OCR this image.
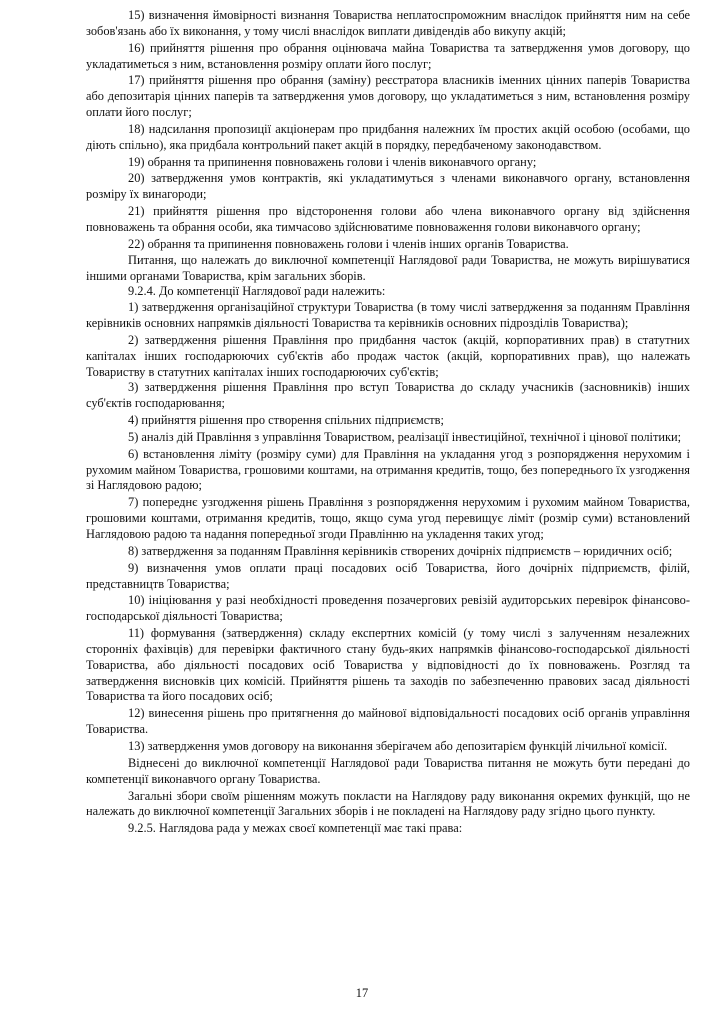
15) визначення ймовірності визнання Товариства неплатоспроможним внаслідок прийняття ним на себе зобов'язань або їх виконання, у тому числі внаслідок виплати дивідендів або викупу акцій;

16) прийняття рішення про обрання оцінювача майна Товариства та затвердження умов договору, що укладатиметься з ним, встановлення розміру оплати його послуг;

17) прийняття рішення про обрання (заміну) реєстратора власників іменних цінних паперів Товариства або депозитарія цінних паперів та затвердження умов договору, що укладатиметься з ним, встановлення розміру оплати його послуг;

18) надсилання пропозиції акціонерам про придбання належних їм простих акцій особою (особами, що діють спільно), яка придбала контрольний пакет акцій в порядку, передбаченому законодавством.

19) обрання та припинення повноважень голови і членів виконавчого органу;

20) затвердження умов контрактів, які укладатимуться з членами виконавчого органу, встановлення розміру їх винагороди;

21) прийняття рішення про відсторонення голови або члена виконавчого органу від здійснення повноважень та обрання особи, яка тимчасово здійснюватиме повноваження голови виконавчого органу;

22) обрання та припинення повноважень голови і членів інших органів Товариства.

Питання, що належать до виключної компетенції Наглядової ради Товариства, не можуть вирішуватися іншими органами Товариства, крім загальних зборів.

9.2.4. До компетенції Наглядової ради належить:

1) затвердження організаційної структури Товариства (в тому числі затвердження за поданням Правління керівників основних напрямків діяльності Товариства та керівників основних підрозділів Товариства);

2) затвердження рішення Правління про придбання часток (акцій, корпоративних прав) в статутних капіталах інших господарюючих суб'єктів або продаж часток (акцій, корпоративних прав), що належать Товариству в статутних капіталах інших господарюючих суб'єктів;

3) затвердження рішення Правління про вступ Товариства до складу учасників (засновників) інших суб'єктів господарювання;

4) прийняття рішення про створення спільних підприємств;

5) аналіз дій Правління з управління Товариством, реалізації інвестиційної, технічної і цінової політики;

6) встановлення ліміту (розміру суми) для Правління на укладання угод з розпорядження нерухомим і рухомим майном Товариства, грошовими коштами, на отримання кредитів, тощо, без попереднього їх узгодження зі Наглядовою радою;

7) попереднє узгодження рішень Правління з розпорядження нерухомим і рухомим майном Товариства, грошовими коштами, отримання кредитів, тощо, якщо сума угод перевищує ліміт (розмір суми) встановлений Наглядовою радою та надання попередньої згоди Правлінню на укладення таких угод;

8) затвердження за поданням Правління керівників створених дочірніх підприємств – юридичних осіб;

9) визначення умов оплати праці посадових осіб Товариства, його дочірніх підприємств, філій, представництв Товариства;

10) ініціювання у разі необхідності проведення позачергових ревізій аудиторських перевірок фінансово-господарської діяльності Товариства;

11) формування (затвердження) складу експертних комісій (у тому числі з залученням незалежних сторонніх фахівців) для перевірки фактичного стану будь-яких напрямків фінансово-господарської діяльності Товариства, або діяльності посадових осіб Товариства у відповідності до їх повноважень. Розгляд та затвердження висновків цих комісій. Прийняття рішень та заходів по забезпеченню правових засад діяльності Товариства та його посадових осіб;

12) винесення рішень про притягнення до майнової відповідальності посадових осіб органів управління Товариства.

13) затвердження умов договору на виконання зберігачем або депозитарієм функцій лічильної комісії.

Віднесені до виключної компетенції Наглядової ради Товариства питання не можуть бути передані до компетенції виконавчого органу Товариства.

Загальні збори своїм рішенням можуть покласти на Наглядову раду виконання окремих функцій, що не належать до виключної компетенції Загальних зборів і не покладені на Наглядову раду згідно цього пункту.

9.2.5. Наглядова рада у межах своєї компетенції має такі права:

17
